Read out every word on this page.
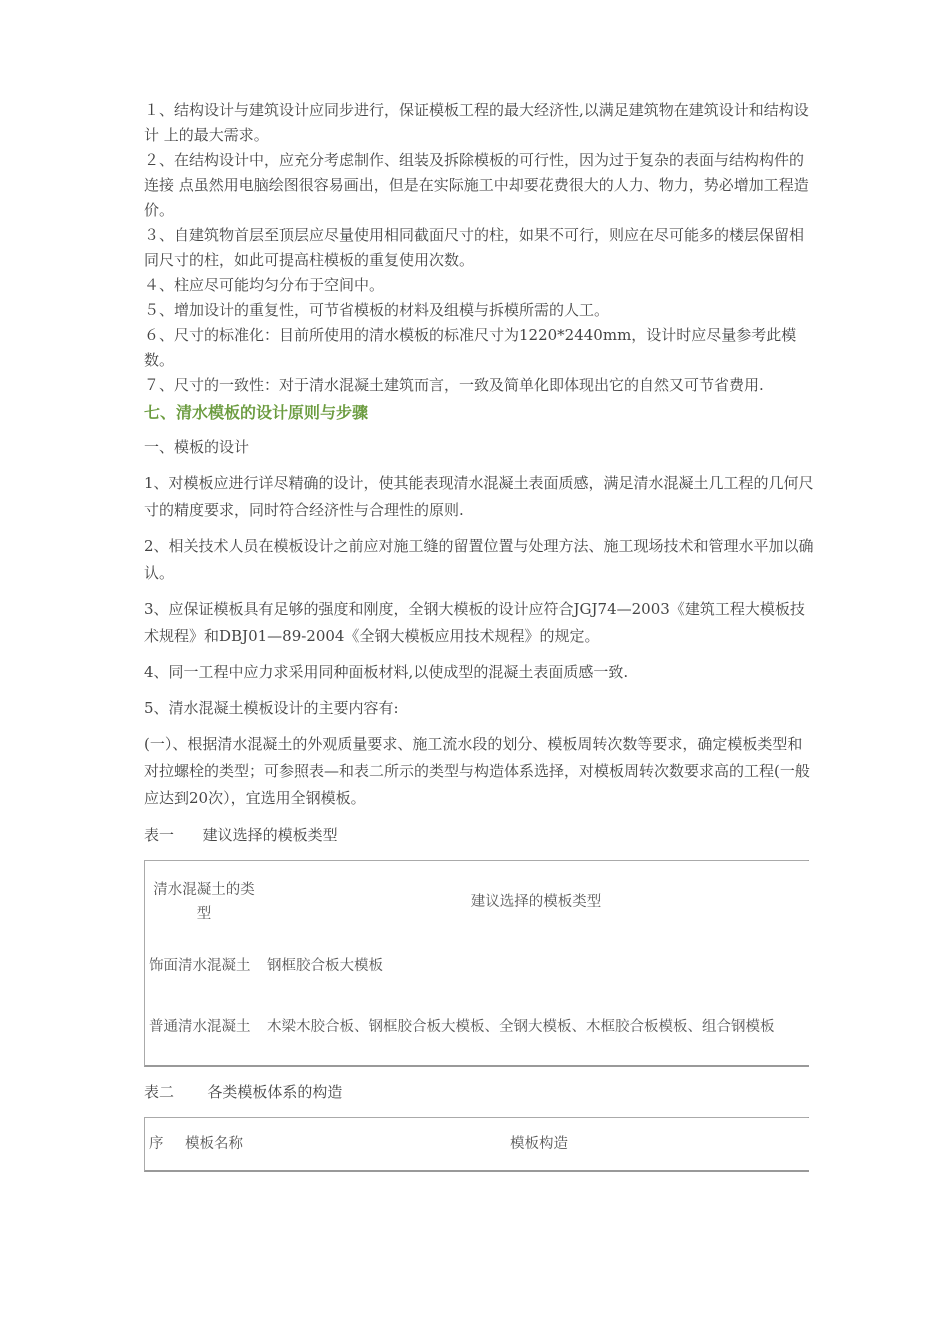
１、结构设计与建筑设计应同步进行，保证模板工程的最大经济性,以满足建筑物在建筑设计和结构设计 上的最大需求。

２、在结构设计中，应充分考虑制作、组装及拆除模板的可行性，因为过于复杂的表面与结构构件的连接 点虽然用电脑绘图很容易画出，但是在实际施工中却要花费很大的人力、物力，势必增加工程造价。

３、自建筑物首层至顶层应尽量使用相同截面尺寸的柱，如果不可行，则应在尽可能多的楼层保留相同尺寸的柱，如此可提高柱模板的重复使用次数。

４、柱应尽可能均匀分布于空间中。

５、增加设计的重复性，可节省模板的材料及组模与拆模所需的人工。

６、尺寸的标准化：目前所使用的清水模板的标准尺寸为1220*2440mm，设计时应尽量参考此模数。

７、尺寸的一致性：对于清水混凝土建筑而言，一致及简单化即体现出它的自然又可节省费用.

七、清水模板的设计原则与步骤

一、模板的设计

1、对模板应进行详尽精确的设计，使其能表现清水混凝土表面质感，满足清水混凝土几工程的几何尺寸的精度要求，同时符合经济性与合理性的原则.

2、相关技术人员在模板设计之前应对施工缝的留置位置与处理方法、施工现场技术和管理水平加以确认。

3、应保证模板具有足够的强度和刚度，全钢大模板的设计应符合JGJ74—2003《建筑工程大模板技术规程》和DBJ01—89-2004《全钢大模板应用技术规程》的规定。

4、同一工程中应力求采用同种面板材料,以使成型的混凝土表面质感一致.

5、清水混凝土模板设计的主要内容有:

(一）、根据清水混凝土的外观质量要求、施工流水段的划分、模板周转次数等要求，确定模板类型和对拉螺栓的类型；可参照表—和表二所示的类型与构造体系选择，对模板周转次数要求高的工程(一般应达到20次），宜选用全钢模板。

表一      建议选择的模板类型

清水混凝土的类型	建议选择的模板类型
饰面清水混凝土	钢框胶合板大模板
普通清水混凝土	木梁木胶合板、钢框胶合板大模板、全钢大模板、木框胶合板模板、组合钢模板

表二       各类模板体系的构造

序	模板名称	模板构造
